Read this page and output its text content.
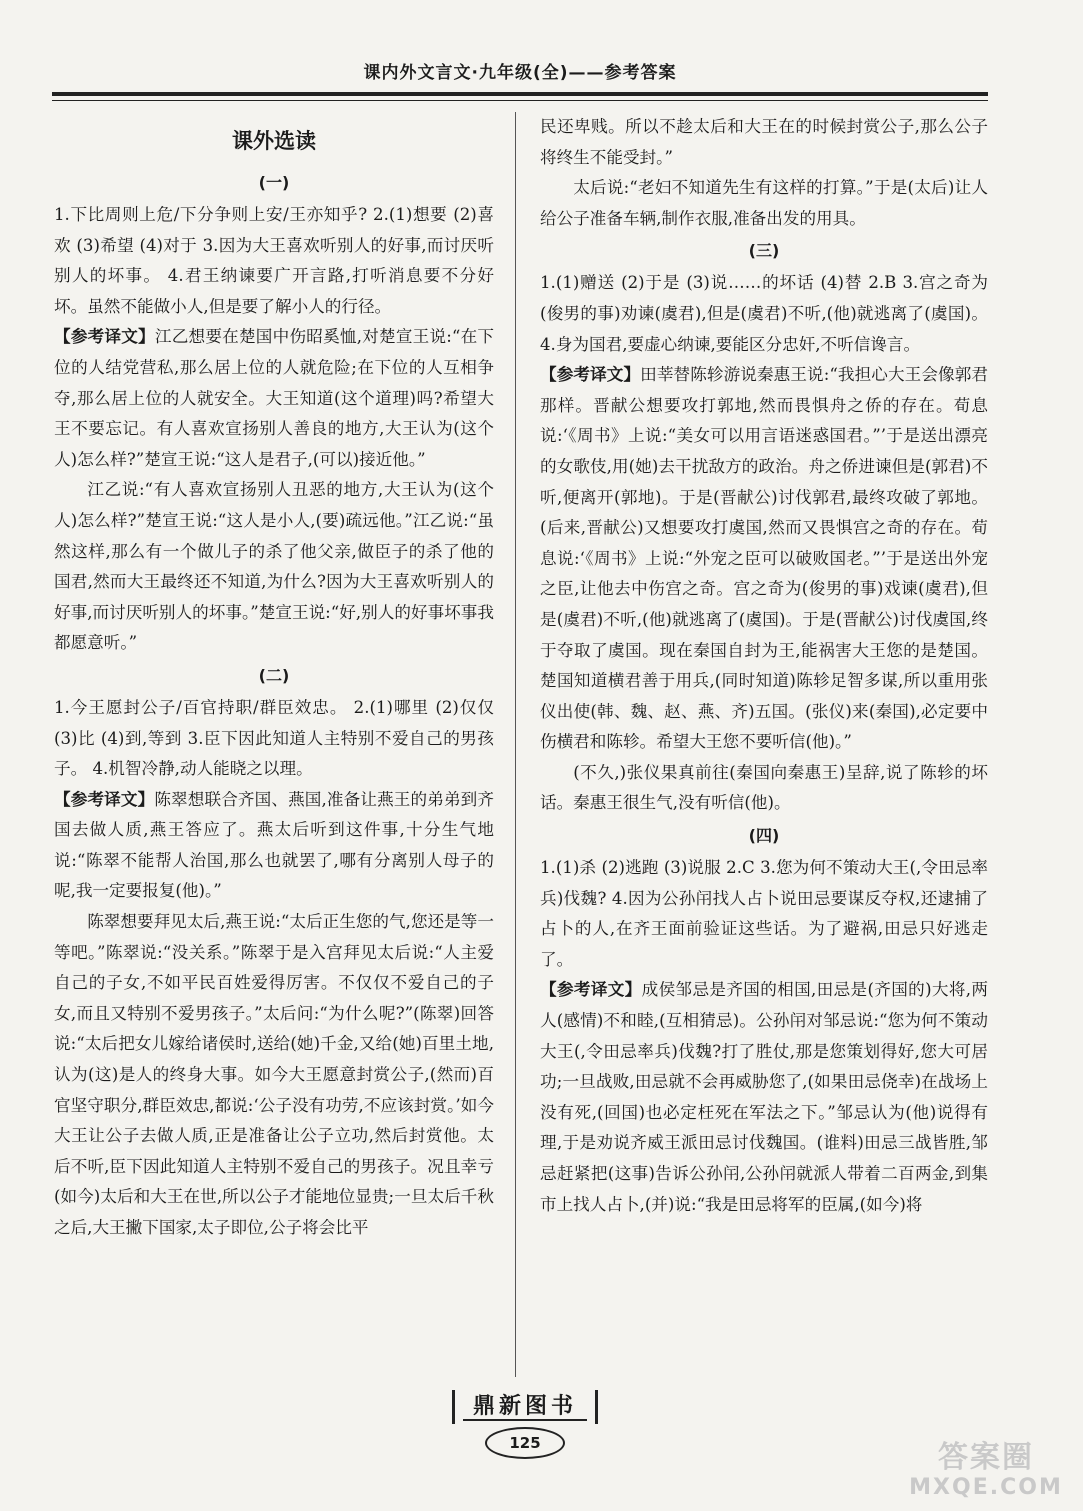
课内外文言文·九年级(全)——参考答案
课外选读
(一)

1.下比周则上危/下分争则上安/王亦知乎? 2.(1)想要 (2)喜欢 (3)希望 (4)对于 3.因为大王喜欢听别人的好事,而讨厌听别人的坏事。 4.君王纳谏要广开言路,打听消息要不分好坏。虽然不能做小人,但是要了解小人的行径。

【参考译文】江乙想要在楚国中伤昭奚恤,对楚宣王说:“在下位的人结党营私,那么居上位的人就危险;在下位的人互相争夺,那么居上位的人就安全。大王知道(这个道理)吗?希望大王不要忘记。有人喜欢宣扬别人善良的地方,大王认为(这个人)怎么样?”楚宣王说:“这人是君子,(可以)接近他。”

江乙说:“有人喜欢宣扬别人丑恶的地方,大王认为(这个人)怎么样?”楚宣王说:“这人是小人,(要)疏远他。”江乙说:“虽然这样,那么有一个做儿子的杀了他父亲,做臣子的杀了他的国君,然而大王最终还不知道,为什么?因为大王喜欢听别人的好事,而讨厌听别人的坏事。”楚宣王说:“好,别人的好事坏事我都愿意听。”

(二)

1.今王愿封公子/百官持职/群臣效忠。 2.(1)哪里 (2)仅仅 (3)比 (4)到,等到 3.臣下因此知道人主特别不爱自己的男孩子。 4.机智冷静,动人能晓之以理。

【参考译文】陈翠想联合齐国、燕国,准备让燕王的弟弟到齐国去做人质,燕王答应了。燕太后听到这件事,十分生气地说:“陈翠不能帮人治国,那么也就罢了,哪有分离别人母子的呢,我一定要报复(他)。”

陈翠想要拜见太后,燕王说:“太后正生您的气,您还是等一等吧。”陈翠说:“没关系。”陈翠于是入宫拜见太后说:“人主爱自己的子女,不如平民百姓爱得厉害。不仅仅不爱自己的子女,而且又特别不爱男孩子。”太后问:“为什么呢?”(陈翠)回答说:“太后把女儿嫁给诸侯时,送给(她)千金,又给(她)百里土地,认为(这)是人的终身大事。如今大王愿意封赏公子,(然而)百官坚守职分,群臣效忠,都说:‘公子没有功劳,不应该封赏。’如今大王让公子去做人质,正是准备让公子立功,然后封赏他。太后不听,臣下因此知道人主特别不爱自己的男孩子。况且幸亏(如今)太后和大王在世,所以公子才能地位显贵;一旦太后千秋之后,大王撇下国家,太子即位,公子将会比平

民还卑贱。所以不趁太后和大王在的时候封赏公子,那么公子将终生不能受封。”

太后说:“老妇不知道先生有这样的打算。”于是(太后)让人给公子准备车辆,制作衣服,准备出发的用具。

(三)

1.(1)赠送 (2)于是 (3)说……的坏话 (4)替 2.B 3.宫之奇为(俊男的事)劝谏(虞君),但是(虞君)不听,(他)就逃离了(虞国)。 4.身为国君,要虚心纳谏,要能区分忠奸,不听信谗言。

【参考译文】田莘替陈轸游说秦惠王说:“我担心大王会像郭君那样。晋献公想要攻打郭地,然而畏惧舟之侨的存在。荀息说:‘《周书》上说:“美女可以用言语迷惑国君。”’于是送出漂亮的女歌伎,用(她)去干扰敌方的政治。舟之侨进谏但是(郭君)不听,便离开(郭地)。于是(晋献公)讨伐郭君,最终攻破了郭地。(后来,晋献公)又想要攻打虞国,然而又畏惧宫之奇的存在。荀息说:‘《周书》上说:“外宠之臣可以破败国老。”’于是送出外宠之臣,让他去中伤宫之奇。宫之奇为(俊男的事)戏谏(虞君),但是(虞君)不听,(他)就逃离了(虞国)。于是(晋献公)讨伐虞国,终于夺取了虞国。现在秦国自封为王,能祸害大王您的是楚国。楚国知道横君善于用兵,(同时知道)陈轸足智多谋,所以重用张仪出使(韩、魏、赵、燕、齐)五国。(张仪)来(秦国),必定要中伤横君和陈轸。希望大王您不要听信(他)。”

(不久,)张仪果真前往(秦国向秦惠王)呈辞,说了陈轸的坏话。秦惠王很生气,没有听信(他)。

(四)

1.(1)杀 (2)逃跑 (3)说服 2.C 3.您为何不策动大王(,令田忌率兵)伐魏? 4.因为公孙闬找人占卜说田忌要谋反夺权,还逮捕了占卜的人,在齐王面前验证这些话。为了避祸,田忌只好逃走了。

【参考译文】成侯邹忌是齐国的相国,田忌是(齐国的)大将,两人(感情)不和睦,(互相猜忌)。公孙闬对邹忌说:“您为何不策动大王(,令田忌率兵)伐魏?打了胜仗,那是您策划得好,您大可居功;一旦战败,田忌就不会再威胁您了,(如果田忌侥幸)在战场上没有死,(回国)也必定枉死在军法之下。”邹忌认为(他)说得有理,于是劝说齐威王派田忌讨伐魏国。(谁料)田忌三战皆胜,邹忌赶紧把(这事)告诉公孙闬,公孙闬就派人带着二百两金,到集市上找人占卜,(并)说:“我是田忌将军的臣属,(如今)将

鼎新图书
125	答案圈
MXQE.COM
